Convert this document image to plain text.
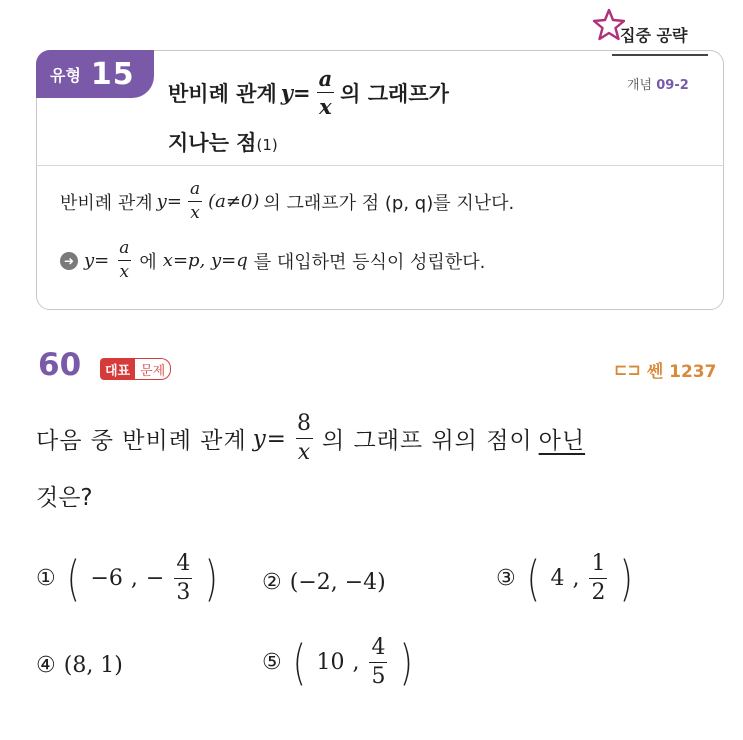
유형 15
집중 공략
개념 09-2
반비례 관계 $y= \frac{a}{x}$ 의 그래프가
지나는 점(1)
반비례 관계 $y= \frac{a}{x} (a\ne 0)$ 의 그래프가 점 (p, q)를 지난다.
➜ $y= \frac{a}{x}$ 에 x=p, y=q 를 대입하면 등식이 성립한다.
60	대표 문제	⊏⊐ 쎈 1237
다음 중 반비례 관계 $y= \frac{8}{x}$ 의 그래프 위의 점이 아닌
것은?
① ( −6 , − $\frac{4}{3}$ ) ② (−2, −4)	③ ( 4 , $\frac{1}{2}$ )
④ (8, 1)	⑤ ( 10 , $\frac{4}{5}$ )
